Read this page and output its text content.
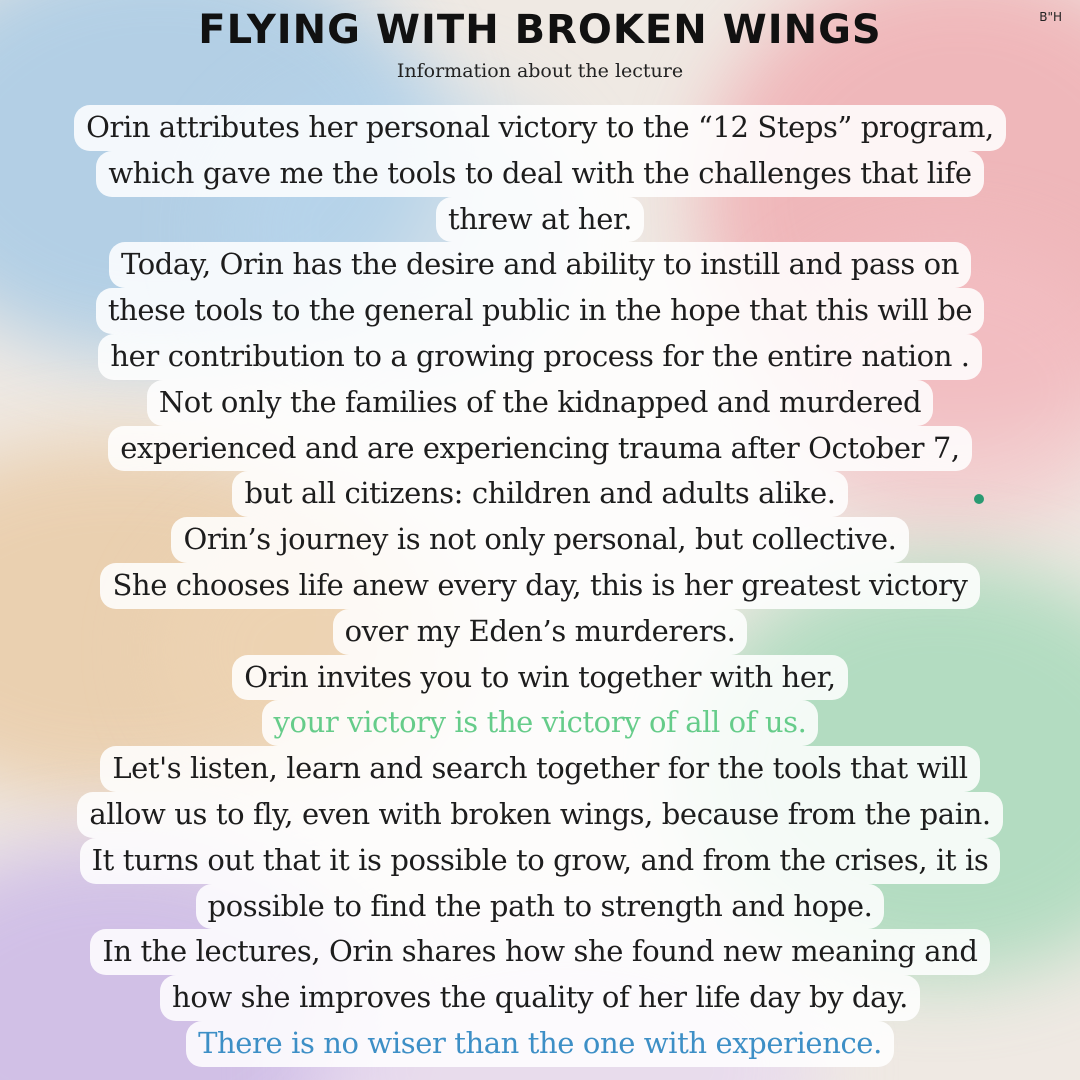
B"H
FLYING WITH BROKEN WINGS
Information about the lecture
Orin attributes her personal victory to the “12 Steps” program,
which gave me the tools to deal with the challenges that life
threw at her.
Today, Orin has the desire and ability to instill and pass on
these tools to the general public in the hope that this will be
her contribution to a growing process for the entire nation .
Not only the families of the kidnapped and murdered
experienced and are experiencing trauma after October 7,
but all citizens: children and adults alike.
Orin’s journey is not only personal, but collective.
She chooses life anew every day, this is her greatest victory
over my Eden’s murderers.
Orin invites you to win together with her,
your victory is the victory of all of us.
Let's listen, learn and search together for the tools that will
allow us to fly, even with broken wings, because from the pain.
It turns out that it is possible to grow, and from the crises, it is
possible to find the path to strength and hope.
In the lectures, Orin shares how she found new meaning and
how she improves the quality of her life day by day.
There is no wiser than the one with experience.
